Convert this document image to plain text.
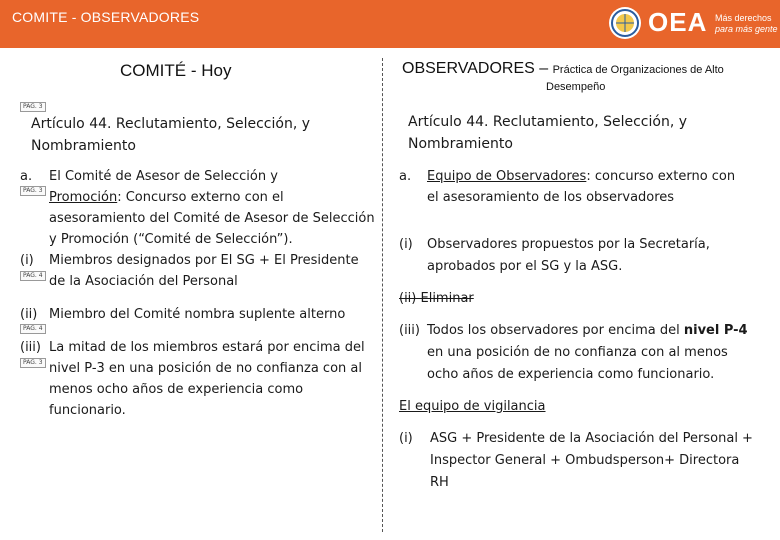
COMITE - OBSERVADORES	OEA Más derechos
para más gente
COMITÉ - Hoy
PAG. 3
Artículo 44. Reclutamiento, Selección, y
Nombramiento
a. El Comité de Asesor de Selección y
PAG. 3 Promoción: Concurso externo con el
asesoramiento del Comité de Asesor de Selección
y Promoción (“Comité de Selección”).
(i) Miembros designados por El SG + El Presidente
PAG. 4 de la Asociación del Personal
(ii) Miembro del Comité nombra suplente alterno
PAG. 4
(iii) La mitad de los miembros estará por encima del
PAG. 3 nivel P-3 en una posición de no confianza con al
menos ocho años de experiencia como
funcionario.
OBSERVADORES – Práctica de Organizaciones de Alto
Desempeño
Artículo 44. Reclutamiento, Selección, y
Nombramiento
a. Equipo de Observadores: concurso externo con
el asesoramiento de los observadores
(i) Observadores propuestos por la Secretaría,
aprobados por el SG y la ASG.
(ii) Eliminar
(iii) Todos los observadores por encima del nivel P-4
en una posición de no confianza con al menos
ocho años de experiencia como funcionario.
El equipo de vigilancia
(i) ASG + Presidente de la Asociación del Personal +
Inspector General + Ombudsperson+ Directora
RH
